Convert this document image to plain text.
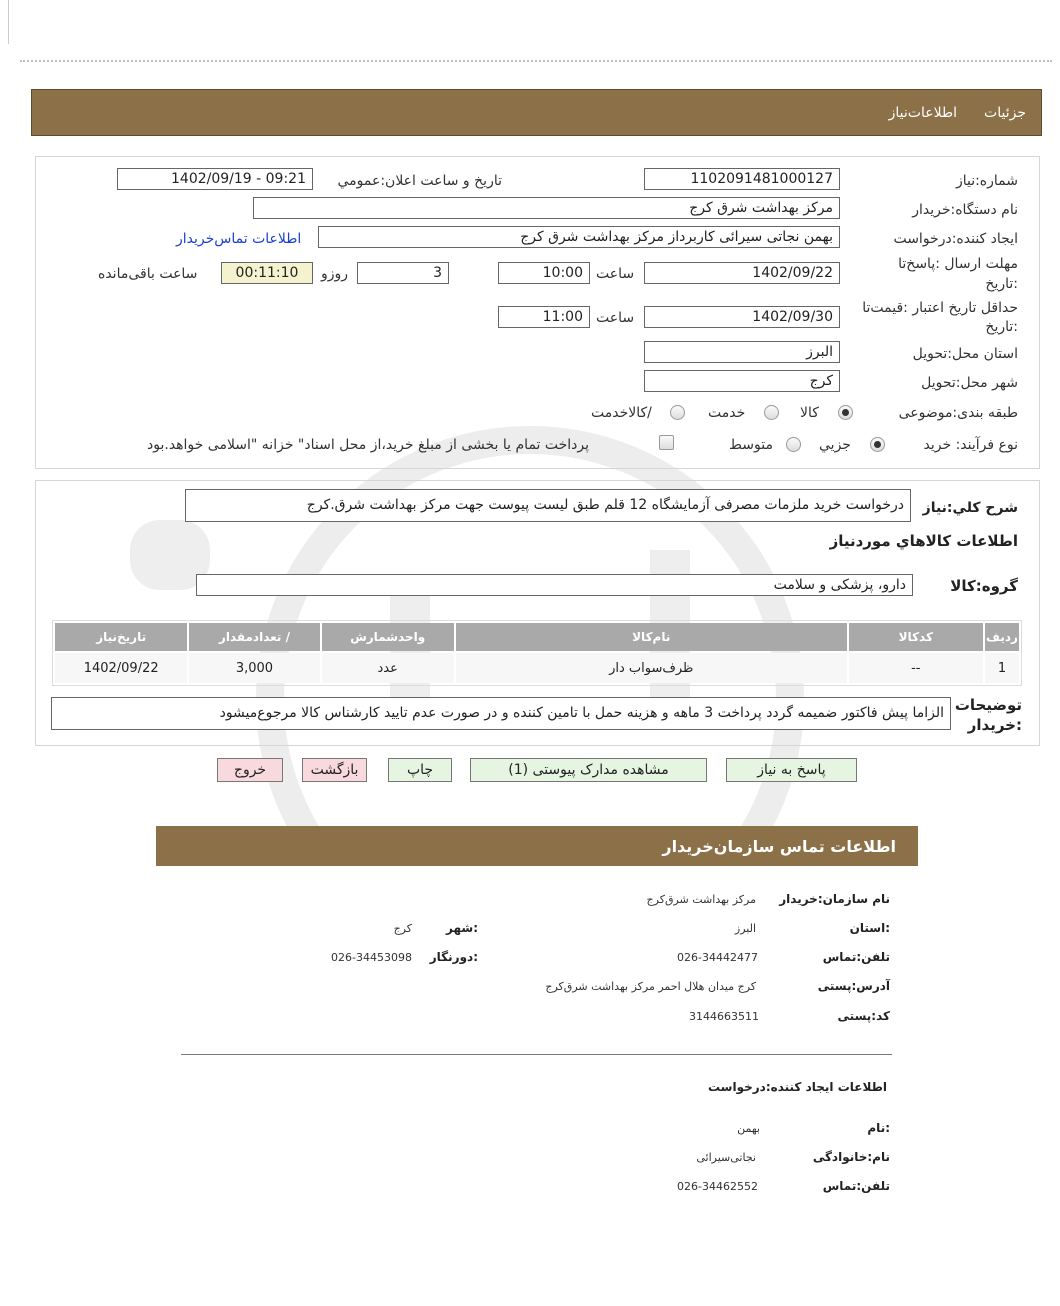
جزئیات
اطلاعات‌نیاز
شماره:نیاز
1102091481000127
تاريخ و ساعت اعلان:عمومي
1402/09/19 - 09:21
نام دستگاه:خریدار
مرکز بهداشت شرق کرج
ایجاد کننده:درخواست
بهمن نجاتی سیرائی کاربرداز مرکز بهداشت شرق کرج
اطلاعات تماس‌خریدار
مهلت ارسال :پاسخ‌تا
:تاریخ
1402/09/22
ساعت
10:00
3
روزو
00:11:10
ساعت باقی‌مانده
حداقل تاریخ اعتبار :قیمت‌تا
:تاریخ
1402/09/30
ساعت
11:00
استان محل:تحویل
البرز
شهر محل:تحویل
کرج
طبقه بندی:موضوعی
کالا
خدمت
/کالاخدمت
نوع فرآیند: خرید
جزيي
متوسط
پرداخت تمام یا بخشی از مبلغ خرید،از محل اسناد" خزانه "اسلامی خواهد.بود
شرح كلي:نياز
درخواست خرید ملزمات مصرفی آزمایشگاه 12 قلم طبق لیست پیوست جهت مرکز بهداشت شرق.کرج
اطلاعات كالاهاي موردنياز
گروه:کالا
دارو، پزشکی و سلامت
ردیف	کدکالا	نام‌کالا	واحدشمارش	/ تعدادمقدار	تاریخ‌نیاز
1	--	ظرف‌سواب دار	عدد	3,000	1402/09/22
توضیحات
:خریدار
الزاما پیش فاکتور ضمیمه گردد پرداخت 3 ماهه و هزینه حمل با تامین کننده و در صورت عدم تایید کارشناس کالا مرجوع‌میشود
پاسخ به نیاز
مشاهده مدارک پیوستی (1)
چاپ
بازگشت
خروج
اطلاعات تماس سازمان‌خریدار
نام سازمان:خریدار
مرکز بهداشت شرق‌کرج
:استان
البرز
:شهر
کرج
تلفن:تماس
026-34442477
:دورنگار
026-34453098
آدرس:پستی
کرج میدان هلال احمر مرکز بهداشت شرق‌کرج
کد:پستی
3144663511
اطلاعات ایجاد کننده:درخواست
:نام
بهمن
نام:خانوادگی
نجاتی‌سیرائی
تلفن:تماس
026-34462552
